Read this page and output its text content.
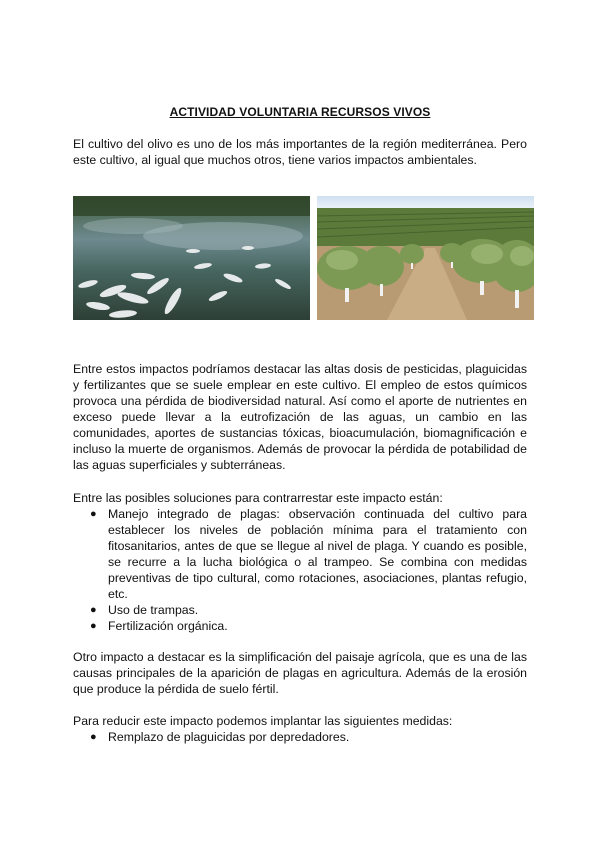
ACTIVIDAD VOLUNTARIA RECURSOS VIVOS

El cultivo del olivo es uno de los más importantes de la región mediterránea. Pero este cultivo, al igual que muchos otros, tiene varios impactos ambientales.

Entre estos impactos podríamos destacar las altas dosis de pesticidas, plaguicidas y fertilizantes que se suele emplear en este cultivo. El empleo de estos químicos provoca una pérdida de biodiversidad natural. Así como el aporte de nutrientes en exceso puede llevar a la eutrofización de las aguas, un cambio en las comunidades, aportes de sustancias tóxicas, bioacumulación, biomagnificación e incluso la muerte de organismos. Además de provocar la pérdida de potabilidad de las aguas superficiales y subterráneas.

Entre las posibles soluciones para contrarrestar este impacto están:

● Manejo integrado de plagas: observación continuada del cultivo para establecer los niveles de población mínima para el tratamiento con fitosanitarios, antes de que se llegue al nivel de plaga. Y cuando es posible, se recurre a la lucha biológica o al trampeo. Se combina con medidas preventivas de tipo cultural, como rotaciones, asociaciones, plantas refugio, etc.
● Uso de trampas.
● Fertilización orgánica.

Otro impacto a destacar es la simplificación del paisaje agrícola, que es una de las causas principales de la aparición de plagas en agricultura. Además de la erosión que produce la pérdida de suelo fértil.

Para reducir este impacto podemos implantar las siguientes medidas:

● Remplazo de plaguicidas por depredadores.
